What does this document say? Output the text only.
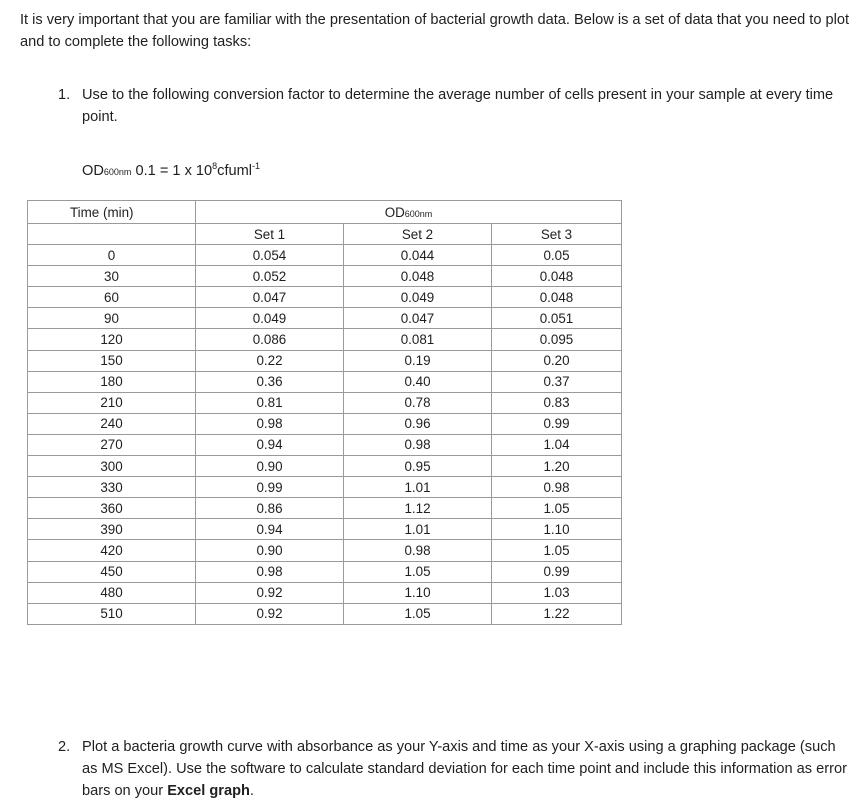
It is very important that you are familiar with the presentation of bacterial growth data. Below is a set of data that you need to plot and to complete the following tasks:
1. Use to the following conversion factor to determine the average number of cells present in your sample at every time point.
OD600nm 0.1 = 1 x $10^8cfuml^{-1}$
Time (min)	OD600nm		
	Set 1	Set 2	Set 3
0	0.054	0.044	0.05
30	0.052	0.048	0.048
60	0.047	0.049	0.048
90	0.049	0.047	0.051
120	0.086	0.081	0.095
150	0.22	0.19	0.20
180	0.36	0.40	0.37
210	0.81	0.78	0.83
240	0.98	0.96	0.99
270	0.94	0.98	1.04
300	0.90	0.95	1.20
330	0.99	1.01	0.98
360	0.86	1.12	1.05
390	0.94	1.01	1.10
420	0.90	0.98	1.05
450	0.98	1.05	0.99
480	0.92	1.10	1.03
510	0.92	1.05	1.22
2. Plot a bacteria growth curve with absorbance as your Y-axis and time as your X-axis using a graphing package (such as MS Excel). Use the software to calculate standard deviation for each time point and include this information as error bars on your Excel graph.
